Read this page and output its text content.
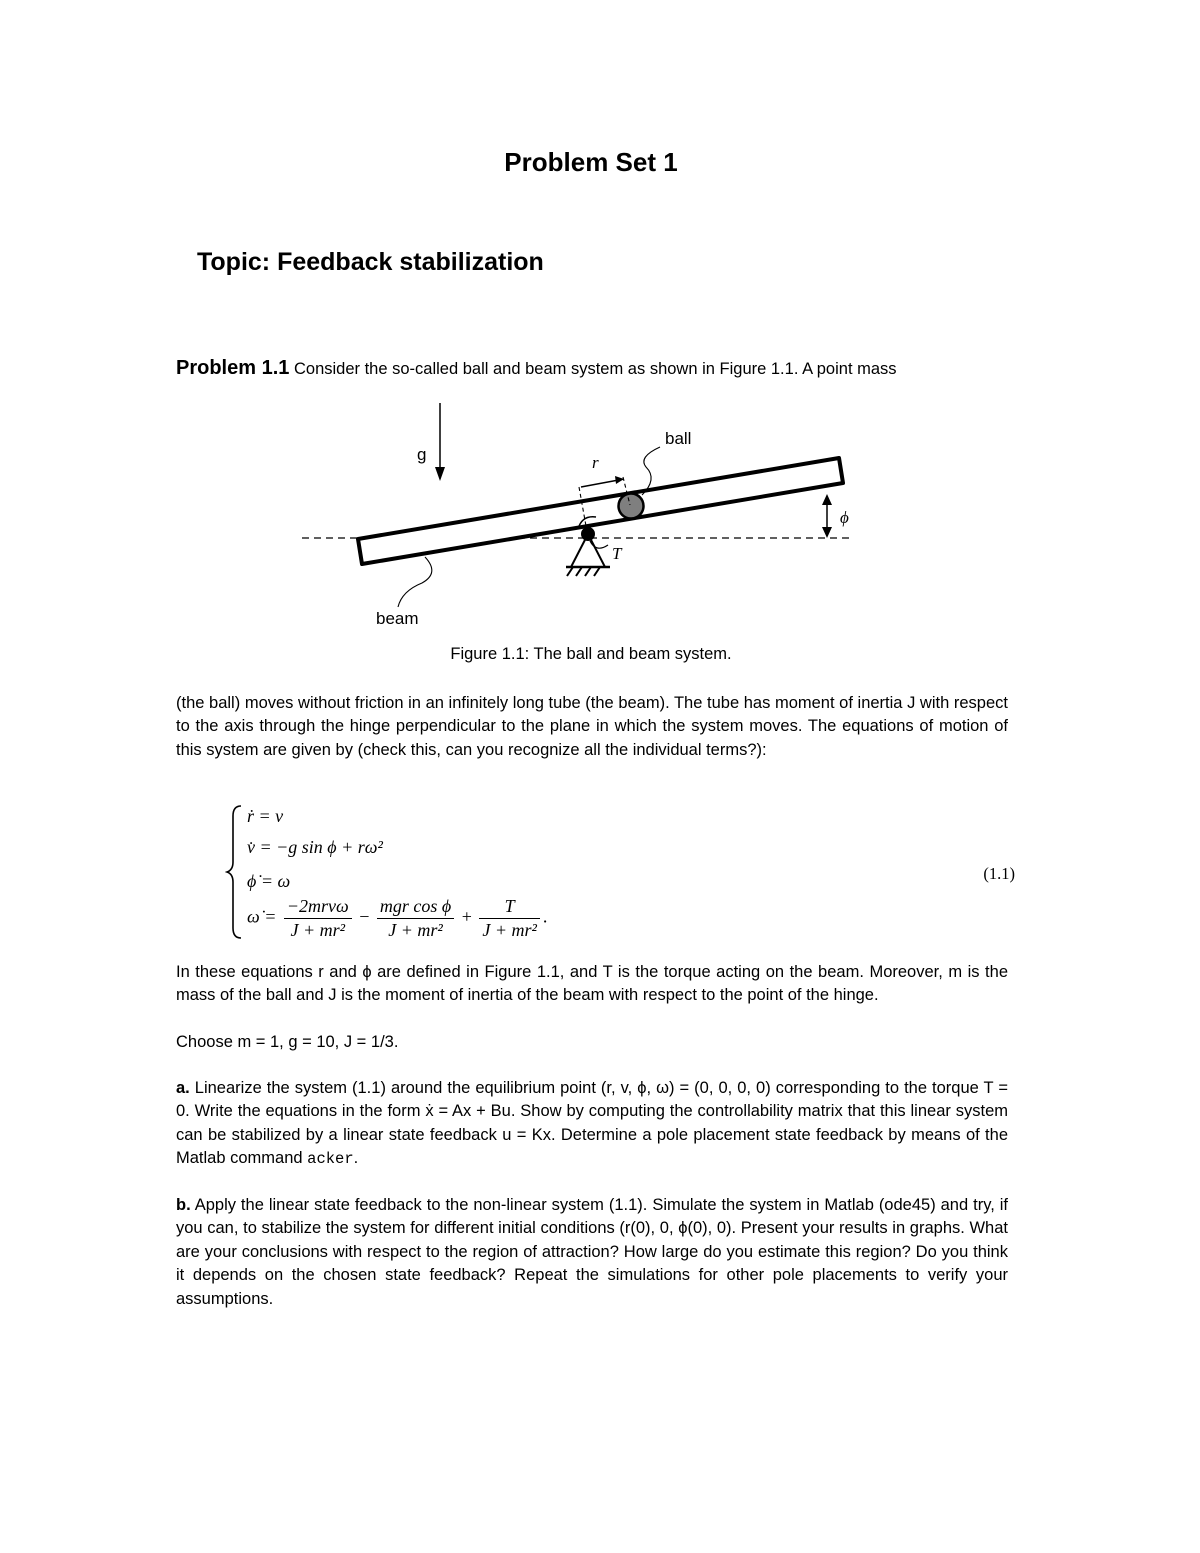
Problem Set 1
Topic: Feedback stabilization
Problem 1.1 Consider the so-called ball and beam system as shown in Figure 1.1. A point mass
g
T
r
ball
ϕ
beam
Figure 1.1: The ball and beam system.
(the ball) moves without friction in an infinitely long tube (the beam). The tube has moment of inertia J with respect to the axis through the hinge perpendicular to the plane in which the system moves. The equations of motion of this system are given by (check this, can you recognize all the individual terms?):
ṙ = v
v̇ = −g sin ϕ + rω²
ϕ̇ = ω
ω̇ = $\frac{\text{−2mrvω}}{\text{J + mr²}} - \frac{\text{mgr cos ϕ}}{\text{J + mr²}} + \frac{T}{\text{J + mr²}}$ .
(1.1)
In these equations r and ϕ are defined in Figure 1.1, and T is the torque acting on the beam. Moreover, m is the mass of the ball and J is the moment of inertia of the beam with respect to the point of the hinge.
Choose m = 1, g = 10, J = 1/3.
a. Linearize the system (1.1) around the equilibrium point (r, v, ϕ, ω) = (0, 0, 0, 0) corresponding to the torque T = 0. Write the equations in the form ẋ = Ax + Bu. Show by computing the controllability matrix that this linear system can be stabilized by a linear state feedback u = Kx. Determine a pole placement state feedback by means of the Matlab command acker.
b. Apply the linear state feedback to the non-linear system (1.1). Simulate the system in Matlab (ode45) and try, if you can, to stabilize the system for different initial conditions (r(0), 0, ϕ(0), 0). Present your results in graphs. What are your conclusions with respect to the region of attraction? How large do you estimate this region? Do you think it depends on the chosen state feedback? Repeat the simulations for other pole placements to verify your assumptions.
